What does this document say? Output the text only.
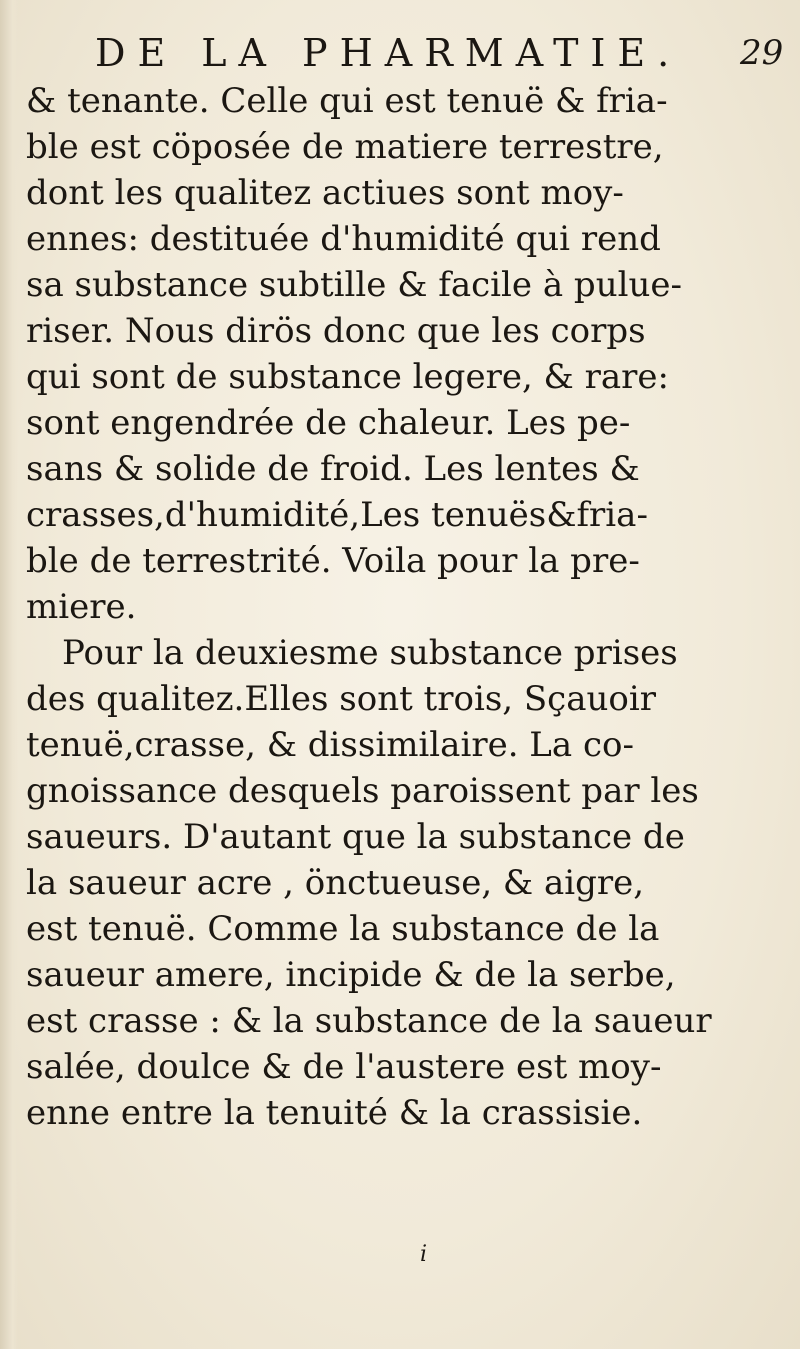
DE LA PHARMATIE. 29
& tenante. Celle qui est tenuë & fria-
ble est cöposée de matiere terrestre,
dont les qualitez actiues sont moy-
ennes: destituée d'humidité qui rend
sa substance subtille & facile à pulue-
riser. Nous dirös donc que les corps
qui sont de substance legere, & rare:
sont engendrée de chaleur. Les pe-
sans & solide de froid. Les lentes &
crasses,d'humidité,Les tenuës&fria-
ble de terrestrité. Voila pour la pre-
miere.
Pour la deuxiesme substance prises
des qualitez.Elles sont trois, Sçauoir
tenuë,crasse, & dissimilaire. La co-
gnoissance desquels paroissent par les
saueurs. D'autant que la substance de
la saueur acre , önctueuse, & aigre,
est tenuë. Comme la substance de la
saueur amere, incipide & de la serbe,
est crasse : & la substance de la saueur
salée, doulce & de l'austere est moy-
enne entre la tenuité & la crassisie.
i
